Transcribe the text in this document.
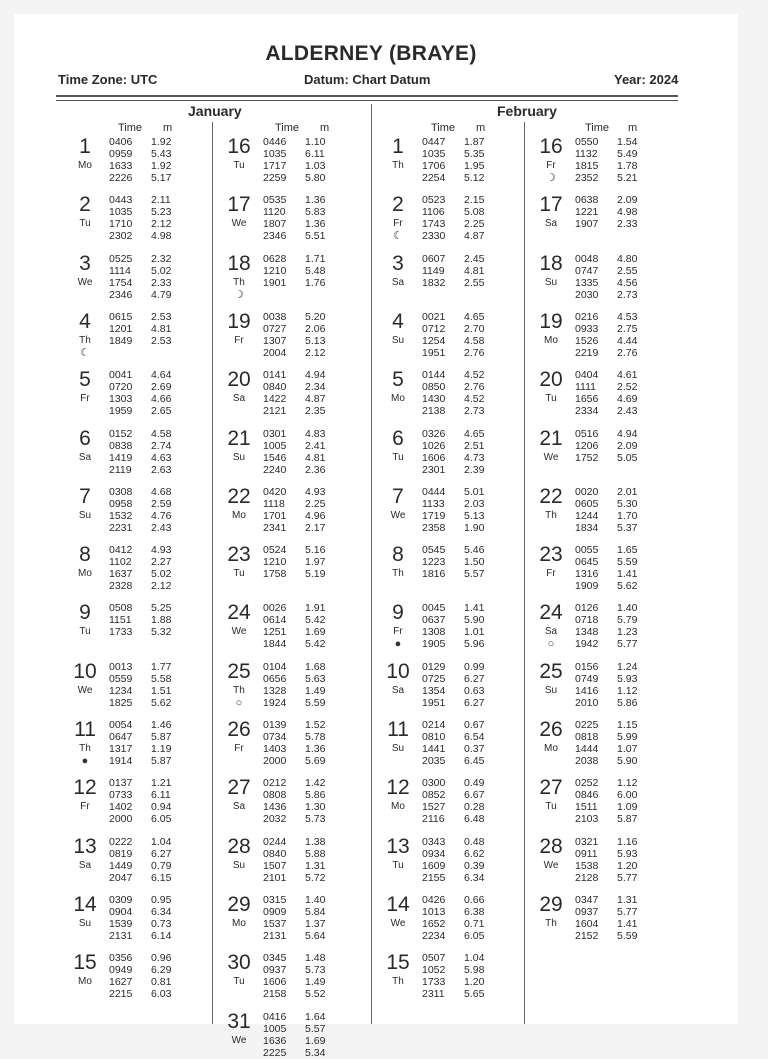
ALDERNEY (BRAYE)
Time Zone: UTC	Datum: Chart Datum	Year: 2024
January	February
Time m	Time m	Time m	Time m
1
Mo
0406	1.92
0959	5.43
1633	1.92
2226	5.17
2
Tu
0443	2.11
1035	5.23
1710	2.12
2302	4.98
3
We
0525	2.32
1114	5.02
1754	2.33
2346	4.79
4
Th
☾
0615	2.53
1201	4.81
1849	2.53
5
Fr
0041	4.64
0720	2.69
1303	4.66
1959	2.65
6
Sa
0152	4.58
0838	2.74
1419	4.63
2119	2.63
7
Su
0308	4.68
0958	2.59
1532	4.76
2231	2.43
8
Mo
0412	4.93
1102	2.27
1637	5.02
2328	2.12
9
Tu
0508	5.25
1151	1.88
1733	5.32
10
We
0013	1.77
0559	5.58
1234	1.51
1825	5.62
11
Th
●
0054	1.46
0647	5.87
1317	1.19
1914	5.87
12
Fr
0137	1.21
0733	6.11
1402	0.94
2000	6.05
13
Sa
0222	1.04
0819	6.27
1449	0.79
2047	6.15
14
Su
0309	0.95
0904	6.34
1539	0.73
2131	6.14
15
Mo
0356	0.96
0949	6.29
1627	0.81
2215	6.03
16
Tu
0446	1.10
1035	6.11
1717	1.03
2259	5.80
17
We
0535	1.36
1120	5.83
1807	1.36
2346	5.51
18
Th
☽
0628	1.71
1210	5.48
1901	1.76
19
Fr
0038	5.20
0727	2.06
1307	5.13
2004	2.12
20
Sa
0141	4.94
0840	2.34
1422	4.87
2121	2.35
21
Su
0301	4.83
1005	2.41
1546	4.81
2240	2.36
22
Mo
0420	4.93
1118	2.25
1701	4.96
2341	2.17
23
Tu
0524	5.16
1210	1.97
1758	5.19
24
We
0026	1.91
0614	5.42
1251	1.69
1844	5.42
25
Th
○
0104	1.68
0656	5.63
1328	1.49
1924	5.59
26
Fr
0139	1.52
0734	5.78
1403	1.36
2000	5.69
27
Sa
0212	1.42
0808	5.86
1436	1.30
2032	5.73
28
Su
0244	1.38
0840	5.88
1507	1.31
2101	5.72
29
Mo
0315	1.40
0909	5.84
1537	1.37
2131	5.64
30
Tu
0345	1.48
0937	5.73
1606	1.49
2158	5.52
31
We
0416	1.64
1005	5.57
1636	1.69
2225	5.34
1
Th
0447	1.87
1035	5.35
1706	1.95
2254	5.12
2
Fr
☾
0523	2.15
1106	5.08
1743	2.25
2330	4.87
3
Sa
0607	2.45
1149	4.81
1832	2.55
4
Su
0021	4.65
0712	2.70
1254	4.58
1951	2.76
5
Mo
0144	4.52
0850	2.76
1430	4.52
2138	2.73
6
Tu
0326	4.65
1026	2.51
1606	4.73
2301	2.39
7
We
0444	5.01
1133	2.03
1719	5.13
2358	1.90
8
Th
0545	5.46
1223	1.50
1816	5.57
9
Fr
●
0045	1.41
0637	5.90
1308	1.01
1905	5.96
10
Sa
0129	0.99
0725	6.27
1354	0.63
1951	6.27
11
Su
0214	0.67
0810	6.54
1441	0.37
2035	6.45
12
Mo
0300	0.49
0852	6.67
1527	0.28
2116	6.48
13
Tu
0343	0.48
0934	6.62
1609	0.39
2155	6.34
14
We
0426	0.66
1013	6.38
1652	0.71
2234	6.05
15
Th
0507	1.04
1052	5.98
1733	1.20
2311	5.65
16
Fr
☽
0550	1.54
1132	5.49
1815	1.78
2352	5.21
17
Sa
0638	2.09
1221	4.98
1907	2.33
18
Su
0048	4.80
0747	2.55
1335	4.56
2030	2.73
19
Mo
0216	4.53
0933	2.75
1526	4.44
2219	2.76
20
Tu
0404	4.61
1111	2.52
1656	4.69
2334	2.43
21
We
0516	4.94
1206	2.09
1752	5.05
22
Th
0020	2.01
0605	5.30
1244	1.70
1834	5.37
23
Fr
0055	1.65
0645	5.59
1316	1.41
1909	5.62
24
Sa
○
0126	1.40
0718	5.79
1348	1.23
1942	5.77
25
Su
0156	1.24
0749	5.93
1416	1.12
2010	5.86
26
Mo
0225	1.15
0818	5.99
1444	1.07
2038	5.90
27
Tu
0252	1.12
0846	6.00
1511	1.09
2103	5.87
28
We
0321	1.16
0911	5.93
1538	1.20
2128	5.77
29
Th
0347	1.31
0937	5.77
1604	1.41
2152	5.59
